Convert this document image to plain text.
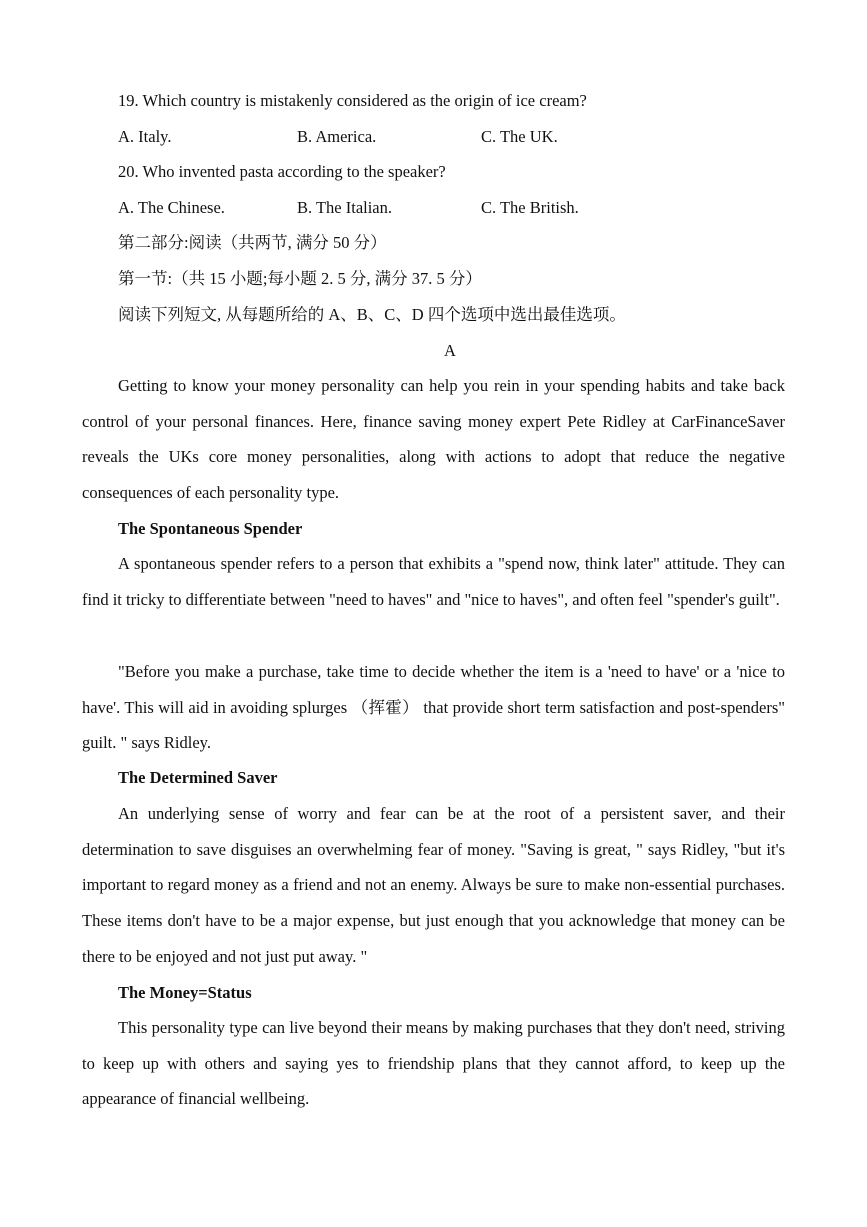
19. Which country is mistakenly considered as the origin of ice cream?
A. Italy.	B. America.	C. The UK.
20. Who invented pasta according to the speaker?
A. The Chinese.	B. The Italian.	C. The British.
第二部分:阅读（共两节, 满分 50 分）
第一节:（共 15 小题;每小题 2. 5 分, 满分 37. 5 分）
阅读下列短文, 从每题所给的 A、B、C、D 四个选项中选出最佳选项。
A
Getting to know your money personality can help you rein in your spending habits and take back control of your personal finances. Here, finance saving money expert Pete Ridley at CarFinanceSaver reveals the UKs core money personalities, along with actions to adopt that reduce the negative consequences of each personality type.
The Spontaneous Spender
A spontaneous spender refers to a person that exhibits a "spend now, think later" attitude. They can find it tricky to differentiate between "need to haves" and "nice to haves", and often feel "spender's guilt".
"Before you make a purchase, take time to decide whether the item is a 'need to have' or a 'nice to have'. This will aid in avoiding splurges （挥霍） that provide short term satisfaction and post-spenders" guilt. " says Ridley.
The Determined Saver
An underlying sense of worry and fear can be at the root of a persistent saver, and their determination to save disguises an overwhelming fear of money. "Saving is great, " says Ridley, "but it's important to regard money as a friend and not an enemy. Always be sure to make non-essential purchases. These items don't have to be a major expense, but just enough that you acknowledge that money can be there to be enjoyed and not just put away. "
The Money=Status
This personality type can live beyond their means by making purchases that they don't need, striving to keep up with others and saying yes to friendship plans that they cannot afford, to keep up the appearance of financial wellbeing.
